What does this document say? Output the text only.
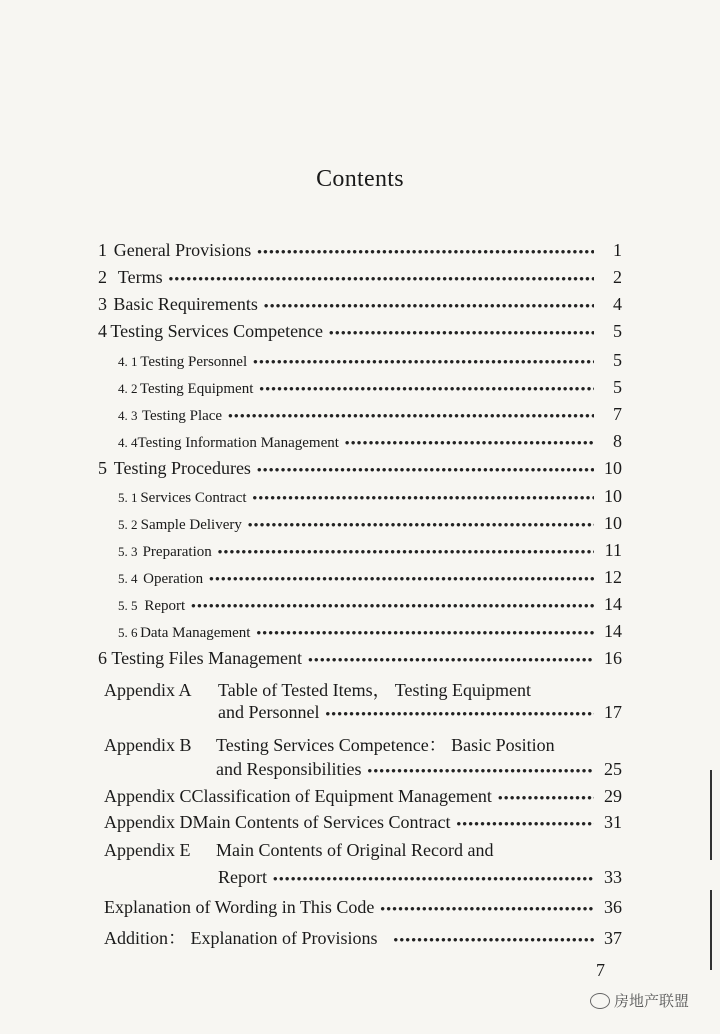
Contents
1 General Provisions •••••	1
2 Terms •••••	2
3 Basic Requirements •••••	4
4 Testing Services Competence •••••	5
4. 1 Testing Personnel •••••	5
4. 2 Testing Equipment •••••	5
4. 3 Testing Place •••••	7
4. 4 Testing Information Management •••••	8
5 Testing Procedures •••••	10
5. 1 Services Contract •••••	10
5. 2 Sample Delivery •••••	10
5. 3 Preparation •••••	11
5. 4 Operation •••••	12
5. 5 Report •••••	14
5. 6 Data Management •••••	14
6 Testing Files Management •••••	16
Appendix A Table of Tested Items， Testing Equipment
and Personnel •••••	17
Appendix B Testing Services Competence： Basic Position
and Responsibilities •••••	25
Appendix C Classification of Equipment Management •••••	29
Appendix D Main Contents of Services Contract •••••	31
Appendix E Main Contents of Original Record and
Report •••••	33
Explanation of Wording in This Code •••••	36
Addition： Explanation of Provisions •••••	37
7
房地产联盟
